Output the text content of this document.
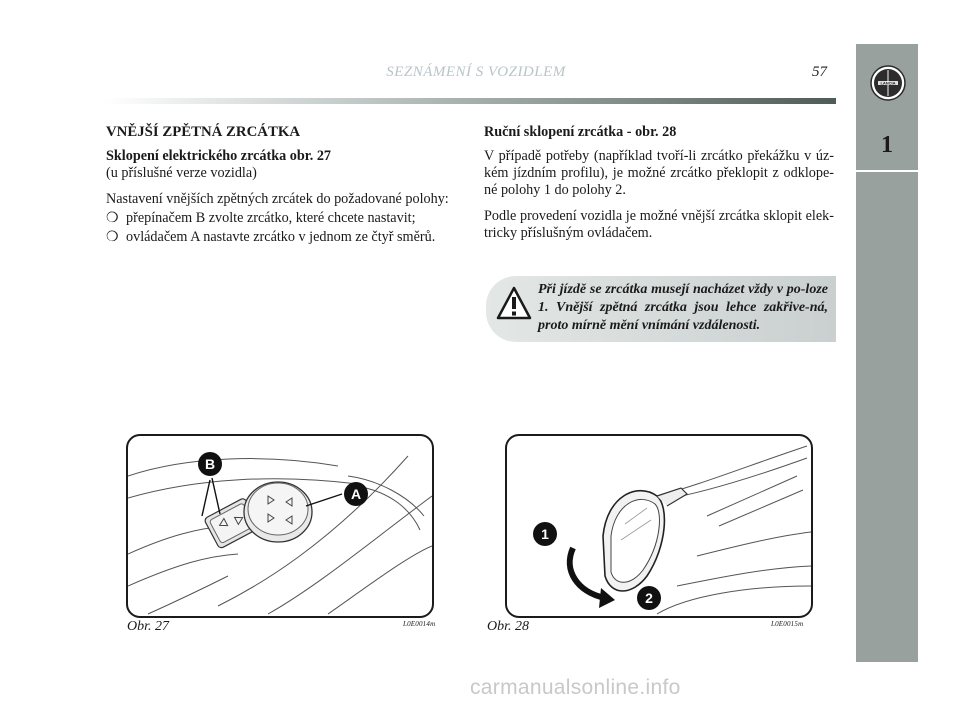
SEZNÁMENÍ S VOZIDLEM	57
LANCIA
1
VNĚJŠÍ ZPĚTNÁ ZRCÁTKA
Sklopení elektrického zrcátka obr. 27
(u příslušné verze vozidla)
Nastavení vnějších zpětných zrcátek do požadované polohy:
❍ přepínačem B zvolte zrcátko, které chcete nastavit;
❍ ovládačem A nastavte zrcátko v jednom ze čtyř směrů.
Ruční sklopení zrcátka - obr. 28
V případě potřeby (například tvoří-li zrcátko překážku v úz-kém jízdním profilu), je možné zrcátko překlopit z odklope-né polohy 1 do polohy 2.
Podle provedení vozidla je možné vnější zrcátka sklopit elek-tricky příslušným ovládačem.
Při jízdě se zrcátka musejí nacházet vždy v po-loze 1. Vnější zpětná zrcátka jsou lehce zakřive-ná, proto mírně mění vnímání vzdálenosti.
B
A
Obr. 27	L0E0014m
1
2
Obr. 28	L0E0015m
carmanualsonline.info
